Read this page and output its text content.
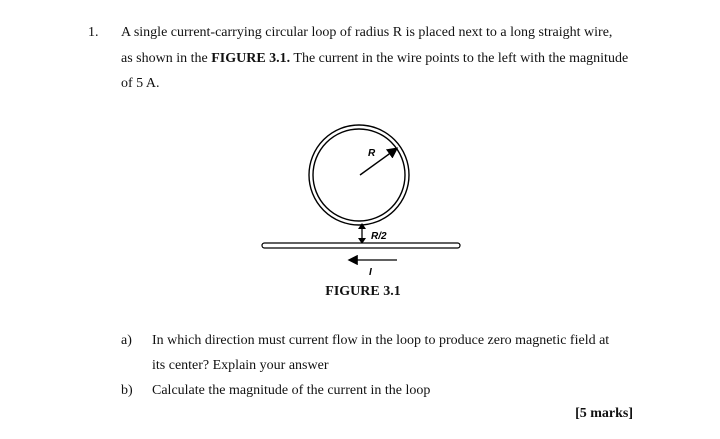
1. A single current-carrying circular loop of radius R is placed next to a long straight wire,
as shown in the FIGURE 3.1. The current in the wire points to the left with the magnitude
of 5 A.
R
R/2
I
FIGURE 3.1
a) In which direction must current flow in the loop to produce zero magnetic field at
its center? Explain your answer
b) Calculate the magnitude of the current in the loop
[5 marks]
